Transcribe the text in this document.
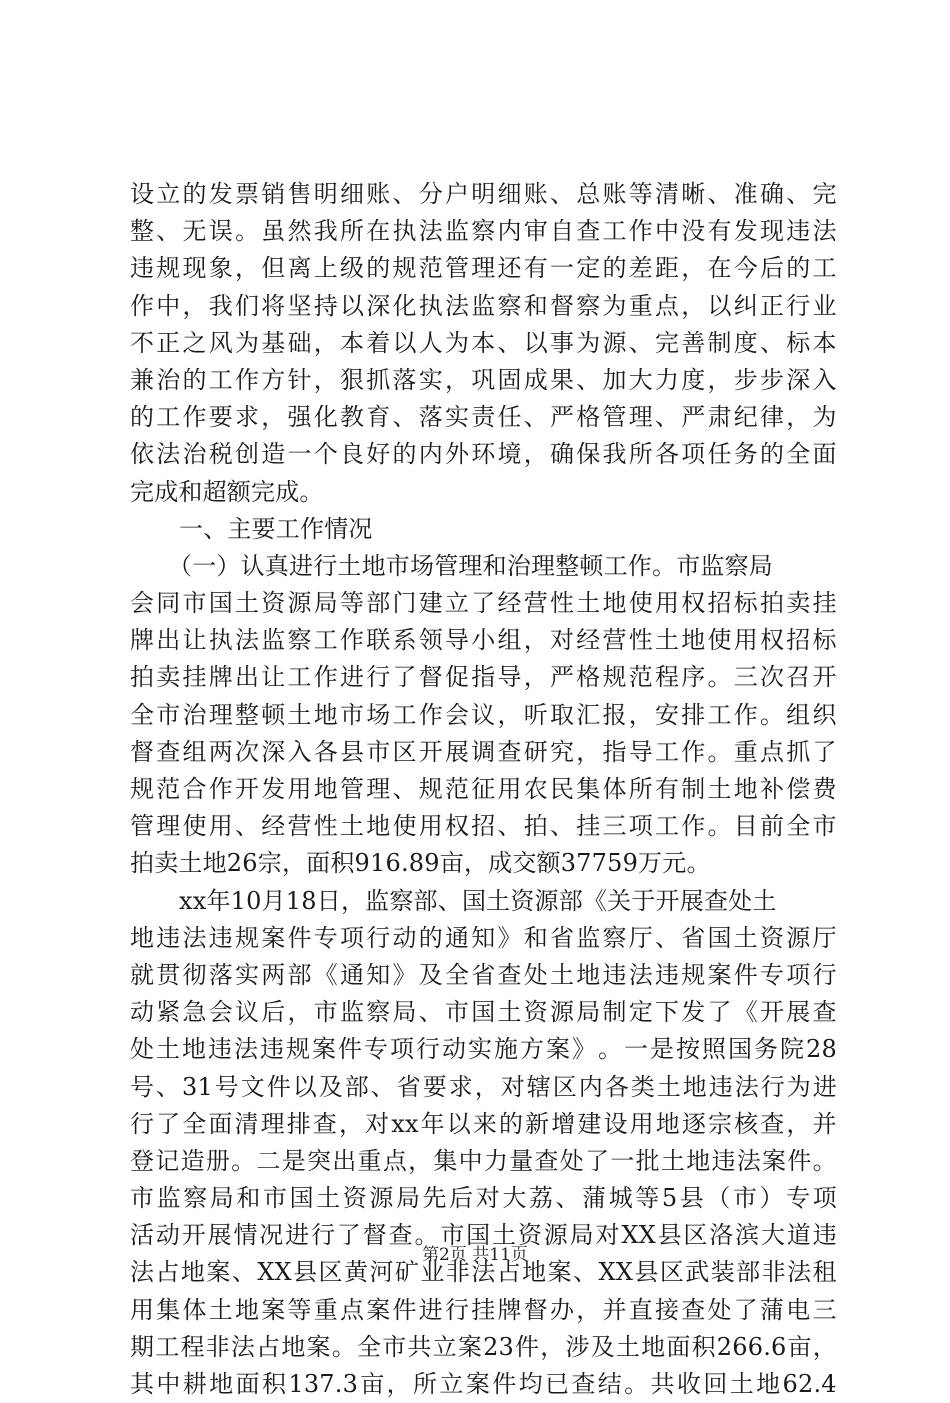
设 立 的 发 票 销 售 明 细 账 、 分 户 明 细 账 、 总 账 等 清 晰 、 准 确 、 完
整 、 无 误 。 虽 然 我 所 在 执 法 监 察 内 审 自 查 工 作 中 没 有 发 现 违 法
违 规 现 象 ， 但 离 上 级 的 规 范 管 理 还 有 一 定 的 差 距 ， 在 今 后 的 工
作 中 ， 我 们 将 坚 持 以 深 化 执 法 监 察 和 督 察 为 重 点 ， 以 纠 正 行 业
不 正 之 风 为 基 础 ， 本 着 以 人 为 本 、 以 事 为 源 、 完 善 制 度 、 标 本
兼 治 的 工 作 方 针 ， 狠 抓 落 实 ， 巩 固 成 果 、 加 大 力 度 ， 步 步 深 入
的 工 作 要 求 ， 强 化 教 育 、 落 实 责 任 、 严 格 管 理 、 严 肃 纪 律 ， 为
依 法 治 税 创 造 一 个 良 好 的 内 外 环 境 ， 确 保 我 所 各 项 任 务 的 全 面
完成和超额完成。
一、主要工作情况
（一）认真进行土地市场管理和治理整顿工作。市监察局
会 同 市 国 土 资 源 局 等 部 门 建 立 了 经 营 性 土 地 使 用 权 招 标 拍 卖 挂
牌 出 让 执 法 监 察 工 作 联 系 领 导 小 组 ， 对 经 营 性 土 地 使 用 权 招 标
拍 卖 挂 牌 出 让 工 作 进 行 了 督 促 指 导 ， 严 格 规 范 程 序 。 三 次 召 开
全 市 治 理 整 顿 土 地 市 场 工 作 会 议 ， 听 取 汇 报 ， 安 排 工 作 。 组 织
督 查 组 两 次 深 入 各 县 市 区 开 展 调 查 研 究 ， 指 导 工 作 。 重 点 抓 了
规 范 合 作 开 发 用 地 管 理 、 规 范 征 用 农 民 集 体 所 有 制 土 地 补 偿 费
管 理 使 用 、 经 营 性 土 地 使 用 权 招 、 拍 、 挂 三 项 工 作 。 目 前 全 市
拍卖土地26宗，面积916.89亩，成交额37759万元。
xx年10月18日，监察部、国土资源部《关于开展查处土
地 违 法 违 规 案 件 专 项 行 动 的 通 知 》 和 省 监 察 厅 、 省 国 土 资 源 厅
就 贯 彻 落 实 两 部 《 通 知 》 及 全 省 查 处 土 地 违 法 违 规 案 件 专 项 行
动 紧 急 会 议 后 ， 市 监 察 局 、 市 国 土 资 源 局 制 定 下 发 了 《 开 展 查
处 土 地 违 法 违 规 案 件 专 项 行 动 实 施 方 案 》 。 一 是 按 照 国 务 院 28
号 、 31 号 文 件 以 及 部 、 省 要 求 ， 对 辖 区 内 各 类 土 地 违 法 行 为 进
行 了 全 面 清 理 排 查 ， 对 xx 年 以 来 的 新 增 建 设 用 地 逐 宗 核 查 ， 并
登 记 造 册 。 二 是 突 出 重 点 ， 集 中 力 量 查 处 了 一 批 土 地 违 法 案 件 。
市 监 察 局 和 市 国 土 资 源 局 先 后 对 大 荔 、 蒲 城 等 5 县 （ 市 ） 专 项
活 动 开 展 情 况 进 行 了 督 查 。 市 国 土 资 源 局 对 XX 县 区 洛 滨 大 道 违
法 占 地 案 、 XX 县 区 黄 河 矿 业 非 法 占 地 案 、 XX 县 区 武 装 部 非 法 租
用 集 体 土 地 案 等 重 点 案 件 进 行 挂 牌 督 办 ， 并 直 接 查 处 了 蒲 电 三
期 工 程 非 法 占 地 案 。 全 市 共 立 案 23 件 ， 涉 及 土 地 面 积 266.6 亩 ，
其 中 耕 地 面 积 137.3 亩 ， 所 立 案 件 均 已 查 结 。 共 收 回 土 地 62.4
第2页 共11页
